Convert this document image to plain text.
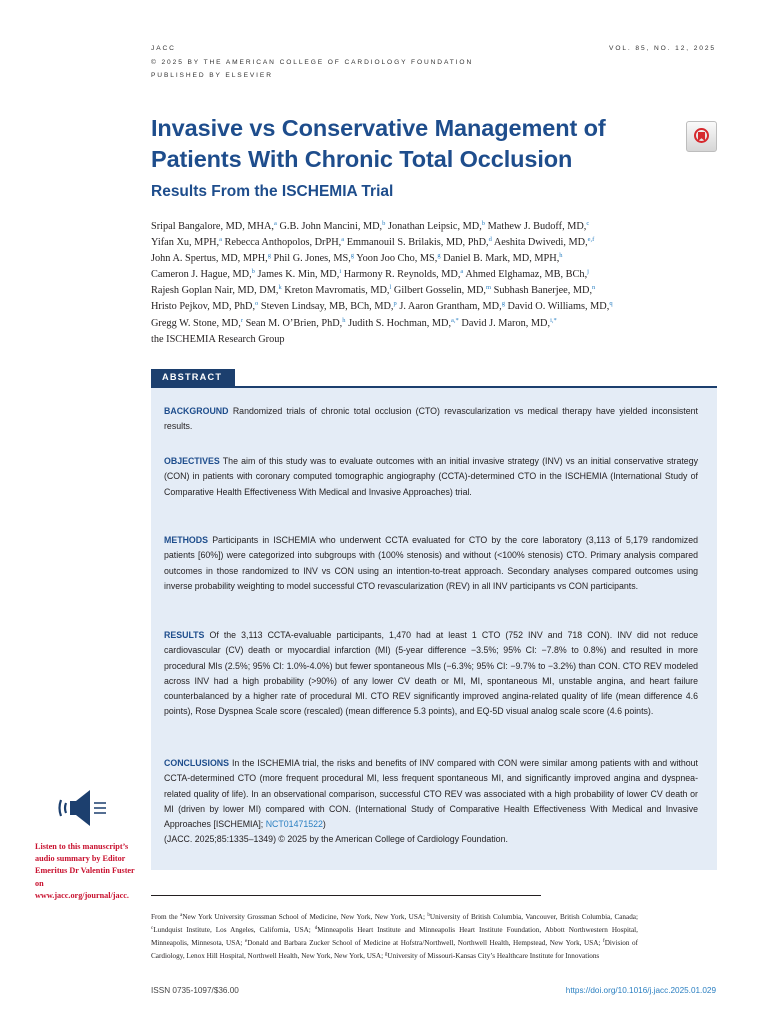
JACC
© 2025 BY THE AMERICAN COLLEGE OF CARDIOLOGY FOUNDATION
PUBLISHED BY ELSEVIER
VOL. 85, NO. 12, 2025
Invasive vs Conservative Management of Patients With Chronic Total Occlusion
Results From the ISCHEMIA Trial
Sripal Bangalore, MD, MHA,$^a$ G.B. John Mancini, MD,$^b$ Jonathan Leipsic, MD,$^b$ Mathew J. Budoff, MD,$^c$
Yifan Xu, MPH,$^a$ Rebecca Anthopolos, DrPH,$^a$ Emmanouil S. Brilakis, MD, PhD,$^d$ Aeshita Dwivedi, MD,$^{e,f}$
John A. Spertus, MD, MPH,$^g$ Phil G. Jones, MS,$^g$ Yoon Joo Cho, MS,$^g$ Daniel B. Mark, MD, MPH,$^h$
Cameron J. Hague, MD,$^b$ James K. Min, MD,$^i$ Harmony R. Reynolds, MD,$^a$ Ahmed Elghamaz, MB, BCh,$^j$
Rajesh Goplan Nair, MD, DM,$^k$ Kreton Mavromatis, MD,$^l$ Gilbert Gosselin, MD,$^m$ Subhash Banerjee, MD,$^n$
Hristo Pejkov, MD, PhD,$^o$ Steven Lindsay, MB, BCh, MD,$^p$ J. Aaron Grantham, MD,$^g$ David O. Williams, MD,$^q$
Gregg W. Stone, MD,$^r$ Sean M. O’Brien, PhD,$^h$ Judith S. Hochman, MD,$^{a,*}$ David J. Maron, MD,$^{i,*}$
the ISCHEMIA Research Group
ABSTRACT
BACKGROUND Randomized trials of chronic total occlusion (CTO) revascularization vs medical therapy have yielded inconsistent results.
OBJECTIVES The aim of this study was to evaluate outcomes with an initial invasive strategy (INV) vs an initial conservative strategy (CON) in patients with coronary computed tomographic angiography (CCTA)-determined CTO in the ISCHEMIA (International Study of Comparative Health Effectiveness With Medical and Invasive Approaches) trial.
METHODS Participants in ISCHEMIA who underwent CCTA evaluated for CTO by the core laboratory (3,113 of 5,179 randomized patients [60%]) were categorized into subgroups with (100% stenosis) and without (<100% stenosis) CTO. Primary analysis compared outcomes in those randomized to INV vs CON using an intention-to-treat approach. Secondary analyses compared outcomes using inverse probability weighting to model successful CTO revascularization (REV) in all INV participants vs CON participants.
RESULTS Of the 3,113 CCTA-evaluable participants, 1,470 had at least 1 CTO (752 INV and 718 CON). INV did not reduce cardiovascular (CV) death or myocardial infarction (MI) (5-year difference −3.5%; 95% CI: −7.8% to 0.8%) and resulted in more procedural MIs (2.5%; 95% CI: 1.0%-4.0%) but fewer spontaneous MIs (−6.3%; 95% CI: −9.7% to −3.2%) than CON. CTO REV modeled across INV had a high probability (>90%) of any lower CV death or MI, MI, spontaneous MI, unstable angina, and heart failure counterbalanced by a higher rate of procedural MI. CTO REV significantly improved angina-related quality of life (mean difference 4.6 points), Rose Dyspnea Scale score (rescaled) (mean difference 5.3 points), and EQ-5D visual analog scale score (4.6 points).
CONCLUSIONS In the ISCHEMIA trial, the risks and benefits of INV compared with CON were similar among patients with and without CCTA-determined CTO (more frequent procedural MI, less frequent spontaneous MI, and significantly improved angina and dyspnea-related quality of life). In an observational comparison, successful CTO REV was associated with a high probability of lower CV death or MI (driven by lower MI) compared with CON. (International Study of Comparative Health Effectiveness With Medical and Invasive Approaches [ISCHEMIA]; NCT01471522)
(JACC. 2025;85:1335–1349) © 2025 by the American College of Cardiology Foundation.
Listen to this manuscript’s audio summary by Editor Emeritus Dr Valentin Fuster on www.jacc.org/journal/jacc.
From the $^a$New York University Grossman School of Medicine, New York, New York, USA; $^b$University of British Columbia, Vancouver, British Columbia, Canada; $^c$Lundquist Institute, Los Angeles, California, USA; $^d$Minneapolis Heart Institute and Minneapolis Heart Institute Foundation, Abbott Northwestern Hospital, Minneapolis, Minnesota, USA; $^e$Donald and Barbara Zucker School of Medicine at Hofstra/Northwell, Northwell Health, Hempstead, New York, USA; $^f$Division of Cardiology, Lenox Hill Hospital, Northwell Health, New York, New York, USA; $^g$University of Missouri-Kansas City’s Healthcare Institute for Innovations
ISSN 0735-1097/$36.00	https://doi.org/10.1016/j.jacc.2025.01.029
